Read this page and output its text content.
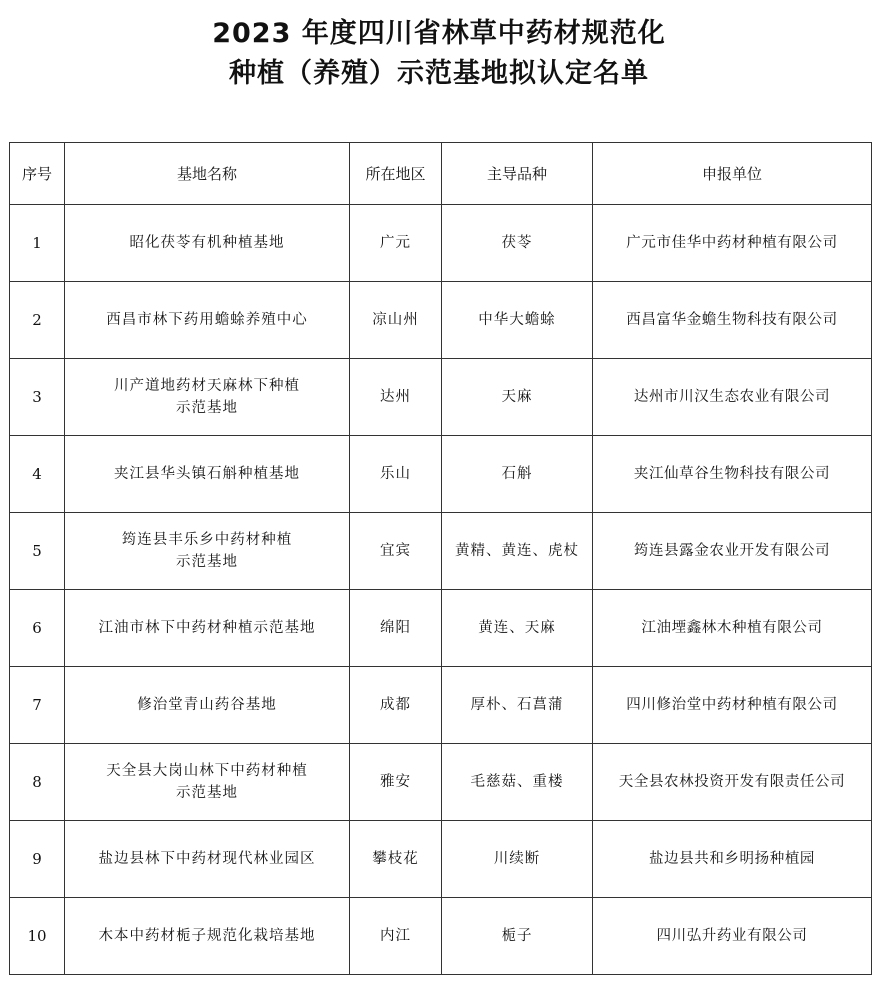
2023 年度四川省林草中药材规范化
种植（养殖）示范基地拟认定名单
序号	基地名称	所在地区	主导品种	申报单位
1	昭化茯苓有机种植基地	广元	茯苓	广元市佳华中药材种植有限公司
2	西昌市林下药用蟾蜍养殖中心	凉山州	中华大蟾蜍	西昌富华金蟾生物科技有限公司
3	川产道地药材天麻林下种植
示范基地	达州	天麻	达州市川汉生态农业有限公司
4	夹江县华头镇石斛种植基地	乐山	石斛	夹江仙草谷生物科技有限公司
5	筠连县丰乐乡中药材种植
示范基地	宜宾	黄精、黄连、虎杖	筠连县露金农业开发有限公司
6	江油市林下中药材种植示范基地	绵阳	黄连、天麻	江油堙鑫林木种植有限公司
7	修治堂青山药谷基地	成都	厚朴、石菖蒲	四川修治堂中药材种植有限公司
8	天全县大岗山林下中药材种植
示范基地	雅安	毛慈菇、重楼	天全县农林投资开发有限责任公司
9	盐边县林下中药材现代林业园区	攀枝花	川续断	盐边县共和乡明扬种植园
10	木本中药材栀子规范化栽培基地	内江	栀子	四川弘升药业有限公司
